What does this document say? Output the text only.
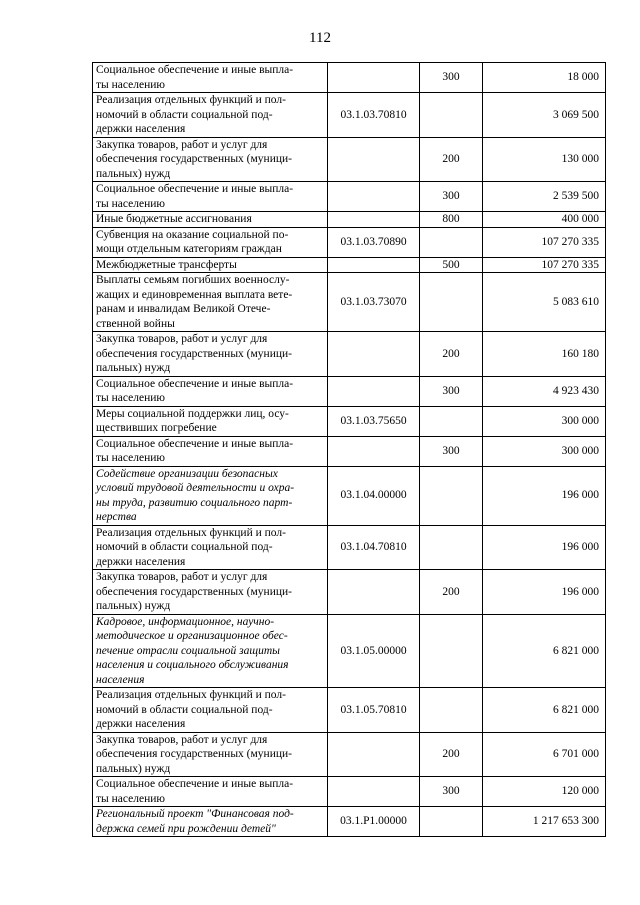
112
Социальное обеспечение и иные выпла-
ты населению		300	18 000
Реализация отдельных функций и пол-
номочий в области социальной под-
держки населения	03.1.03.70810		3 069 500
Закупка товаров, работ и услуг для
обеспечения государственных (муници-
пальных) нужд		200	130 000
Социальное обеспечение и иные выпла-
ты населению		300	2 539 500
Иные бюджетные ассигнования		800	400 000
Субвенция на оказание социальной по-
мощи отдельным категориям граждан	03.1.03.70890		107 270 335
Межбюджетные трансферты		500	107 270 335
Выплаты семьям погибших военнослу-
жащих и единовременная выплата вете-
ранам и инвалидам Великой Отече-
ственной войны	03.1.03.73070		5 083 610
Закупка товаров, работ и услуг для
обеспечения государственных (муници-
пальных) нужд		200	160 180
Социальное обеспечение и иные выпла-
ты населению		300	4 923 430
Меры социальной поддержки лиц, осу-
ществивших погребение	03.1.03.75650		300 000
Социальное обеспечение и иные выпла-
ты населению		300	300 000
Содействие организации безопасных
условий трудовой деятельности и охра-
ны труда, развитию социального парт-
нерства	03.1.04.00000		196 000
Реализация отдельных функций и пол-
номочий в области социальной под-
держки населения	03.1.04.70810		196 000
Закупка товаров, работ и услуг для
обеспечения государственных (муници-
пальных) нужд		200	196 000
Кадровое, информационное, научно-
методическое и организационное обес-
печение отрасли социальной защиты
населения и социального обслуживания
населения	03.1.05.00000		6 821 000
Реализация отдельных функций и пол-
номочий в области социальной под-
держки населения	03.1.05.70810		6 821 000
Закупка товаров, работ и услуг для
обеспечения государственных (муници-
пальных) нужд		200	6 701 000
Социальное обеспечение и иные выпла-
ты населению		300	120 000
Региональный проект "Финансовая под-
держка семей при рождении детей"	03.1.P1.00000		1 217 653 300
